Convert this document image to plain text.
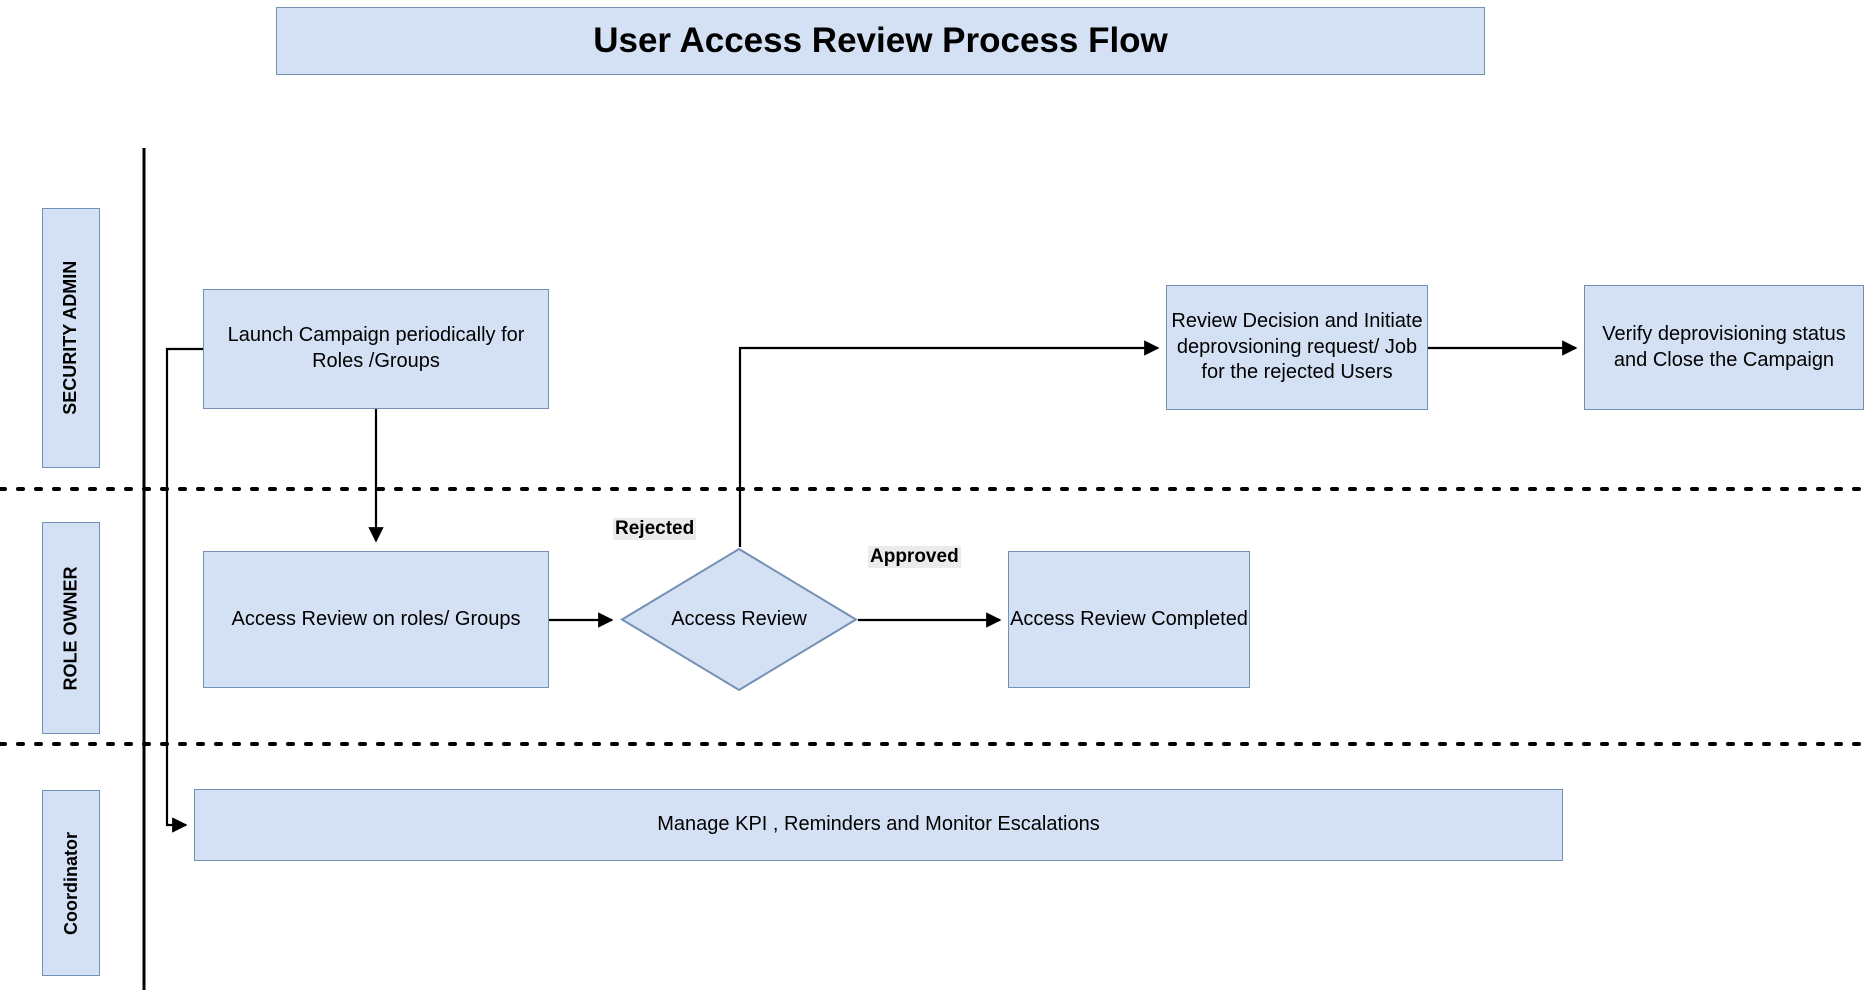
User Access Review Process Flow
SECURITY ADMIN
ROLE OWNER
Coordinator
Launch Campaign periodically for Roles /Groups
Review Decision and Initiate deprovsioning request/ Job for the rejected Users
Verify deprovisioning status and Close the Campaign
Access Review on roles/ Groups	Access Review	Access Review Completed
Manage KPI , Reminders and Monitor Escalations
Rejected
Approved
